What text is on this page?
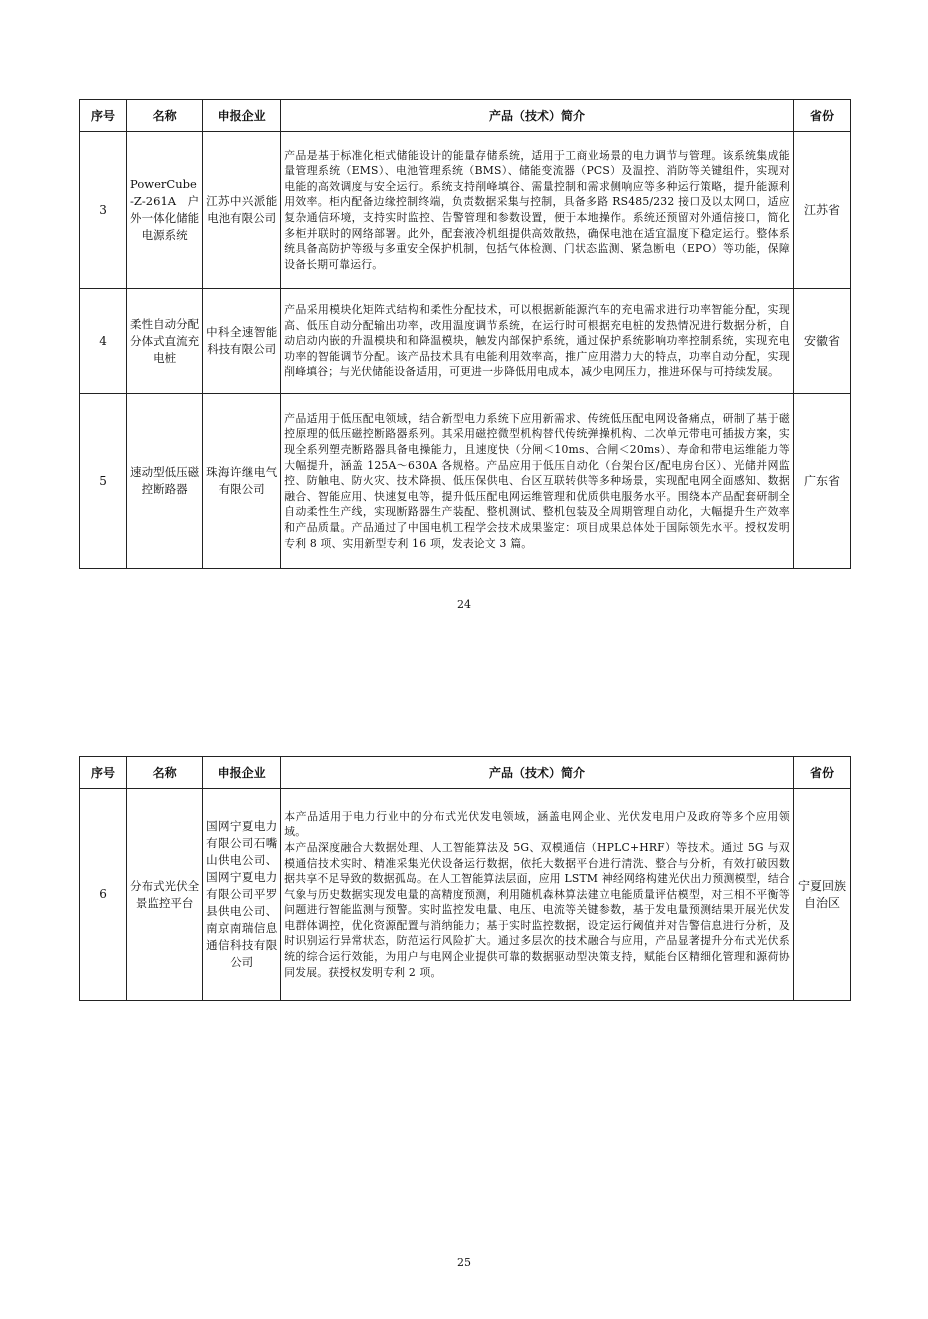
序号	名称	申报企业	产品（技术）简介	省份
3	PowerCube-Z-261A 户外一体化储能电源系统	江苏中兴派能电池有限公司	产品是基于标准化柜式储能设计的能量存储系统，适用于工商业场景的电力调节与管理。该系统集成能量管理系统（EMS）、电池管理系统（BMS）、储能变流器（PCS）及温控、消防等关键组件，实现对电能的高效调度与安全运行。系统支持削峰填谷、需量控制和需求侧响应等多种运行策略，提升能源利用效率。柜内配备边缘控制终端，负责数据采集与控制，具备多路 RS485/232 接口及以太网口，适应复杂通信环境，支持实时监控、告警管理和参数设置，便于本地操作。系统还预留对外通信接口，简化多柜并联时的网络部署。此外，配套液冷机组提供高效散热，确保电池在适宜温度下稳定运行。整体系统具备高防护等级与多重安全保护机制，包括气体检测、门状态监测、紧急断电（EPO）等功能，保障设备长期可靠运行。	江苏省
4	柔性自动分配分体式直流充电桩	中科全速智能科技有限公司	产品采用模块化矩阵式结构和柔性分配技术，可以根据新能源汽车的充电需求进行功率智能分配，实现高、低压自动分配输出功率，改用温度调节系统，在运行时可根据充电桩的发热情况进行数据分析，自动启动内嵌的升温模块和和降温模块，触发内部保护系统，通过保护系统影响功率控制系统，实现充电功率的智能调节分配。该产品技术具有电能利用效率高，推广应用潜力大的特点，功率自动分配，实现削峰填谷；与光伏储能设备适用，可更进一步降低用电成本，减少电网压力，推进环保与可持续发展。	安徽省
5	速动型低压磁控断路器	珠海许继电气有限公司	产品适用于低压配电领域，结合新型电力系统下应用新需求、传统低压配电网设备痛点，研制了基于磁控原理的低压磁控断路器系列。其采用磁控微型机构替代传统弹操机构、二次单元带电可插拔方案，实现全系列塑壳断路器具备电操能力，且速度快（分闸＜10ms、合闸＜20ms）、寿命和带电运维能力等大幅提升，涵盖 125A～630A 各规格。产品应用于低压自动化（台架台区/配电房台区）、光储并网监控、防触电、防火灾、技术降损、低压保供电、台区互联转供等多种场景，实现配电网全面感知、数据融合、智能应用、快速复电等，提升低压配电网运维管理和优质供电服务水平。围绕本产品配套研制全自动柔性生产线，实现断路器生产装配、整机测试、整机包装及全周期管理自动化，大幅提升生产效率和产品质量。产品通过了中国电机工程学会技术成果鉴定：项目成果总体处于国际领先水平。授权发明专利 8 项、实用新型专利 16 项，发表论文 3 篇。	广东省
24
序号	名称	申报企业	产品（技术）简介	省份
6	分布式光伏全景监控平台	国网宁夏电力有限公司石嘴山供电公司、国网宁夏电力有限公司平罗县供电公司、南京南瑞信息通信科技有限公司	本产品适用于电力行业中的分布式光伏发电领域，涵盖电网企业、光伏发电用户及政府等多个应用领域。

本产品深度融合大数据处理、人工智能算法及 5G、双模通信（HPLC+HRF）等技术。通过 5G 与双模通信技术实时、精准采集光伏设备运行数据，依托大数据平台进行清洗、整合与分析，有效打破因数据共享不足导致的数据孤岛。在人工智能算法层面，应用 LSTM 神经网络构建光伏出力预测模型，结合气象与历史数据实现发电量的高精度预测，利用随机森林算法建立电能质量评估模型，对三相不平衡等问题进行智能监测与预警。实时监控发电量、电压、电流等关键参数，基于发电量预测结果开展光伏发电群体调控，优化资源配置与消纳能力；基于实时监控数据，设定运行阈值并对告警信息进行分析，及时识别运行异常状态，防范运行风险扩大。通过多层次的技术融合与应用，产品显著提升分布式光伏系统的综合运行效能，为用户与电网企业提供可靠的数据驱动型决策支持，赋能台区精细化管理和源荷协同发展。获授权发明专利 2 项。	宁夏回族自治区
25
